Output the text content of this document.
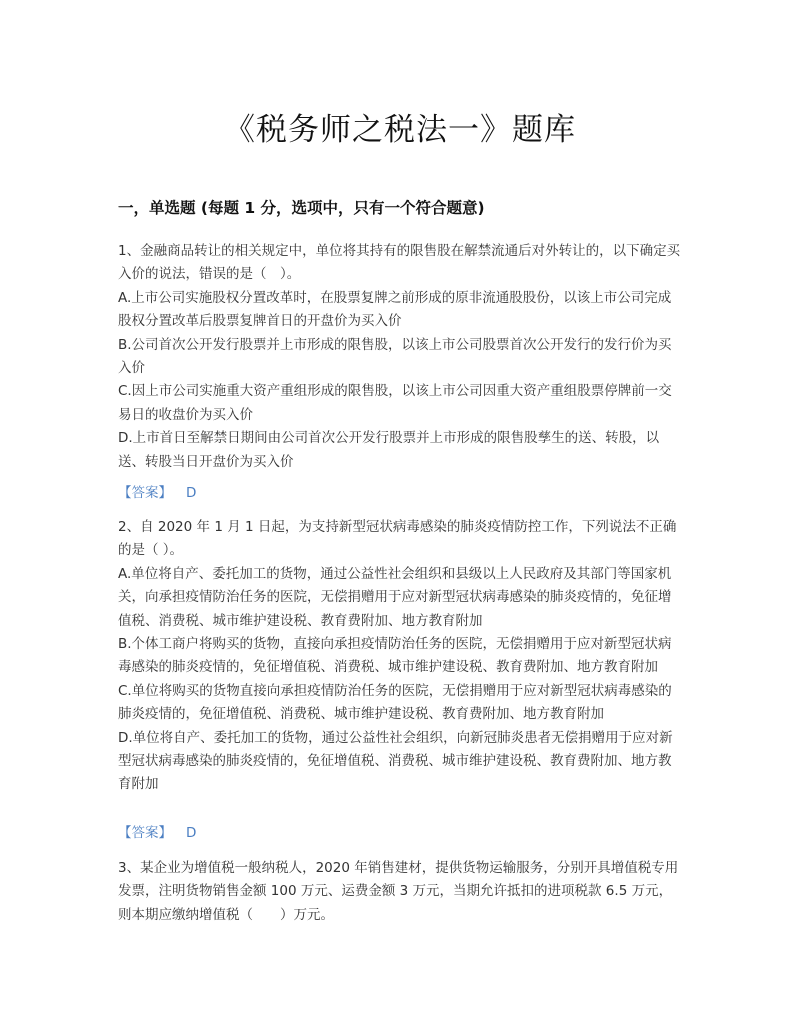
《税务师之税法一》题库
一，单选题 (每题 1 分，选项中，只有一个符合题意)

1、金融商品转让的相关规定中，单位将其持有的限售股在解禁流通后对外转让的，以下确定买入价的说法，错误的是（　）。

A.上市公司实施股权分置改革时，在股票复牌之前形成的原非流通股股份，以该上市公司完成股权分置改革后股票复牌首日的开盘价为买入价

B.公司首次公开发行股票并上市形成的限售股，以该上市公司股票首次公开发行的发行价为买入价

C.因上市公司实施重大资产重组形成的限售股，以该上市公司因重大资产重组股票停牌前一交易日的收盘价为买入价

D.上市首日至解禁日期间由公司首次公开发行股票并上市形成的限售股孳生的送、转股，以送、转股当日开盘价为买入价

【答案】 D

2、自 2020 年 1 月 1 日起，为支持新型冠状病毒感染的肺炎疫情防控工作，下列说法不正确的是（ ）。

A.单位将自产、委托加工的货物，通过公益性社会组织和县级以上人民政府及其部门等国家机关，向承担疫情防治任务的医院，无偿捐赠用于应对新型冠状病毒感染的肺炎疫情的，免征增值税、消费税、城市维护建设税、教育费附加、地方教育附加

B.个体工商户将购买的货物，直接向承担疫情防治任务的医院，无偿捐赠用于应对新型冠状病毒感染的肺炎疫情的，免征增值税、消费税、城市维护建设税、教育费附加、地方教育附加

C.单位将购买的货物直接向承担疫情防治任务的医院，无偿捐赠用于应对新型冠状病毒感染的肺炎疫情的，免征增值税、消费税、城市维护建设税、教育费附加、地方教育附加

D.单位将自产、委托加工的货物，通过公益性社会组织，向新冠肺炎患者无偿捐赠用于应对新型冠状病毒感染的肺炎疫情的，免征增值税、消费税、城市维护建设税、教育费附加、地方教育附加

【答案】 D

3、某企业为增值税一般纳税人，2020 年销售建材，提供货物运输服务，分别开具增值税专用发票，注明货物销售金额 100 万元、运费金额 3 万元，当期允许抵扣的进项税款 6.5 万元，则本期应缴纳增值税（　　）万元。
